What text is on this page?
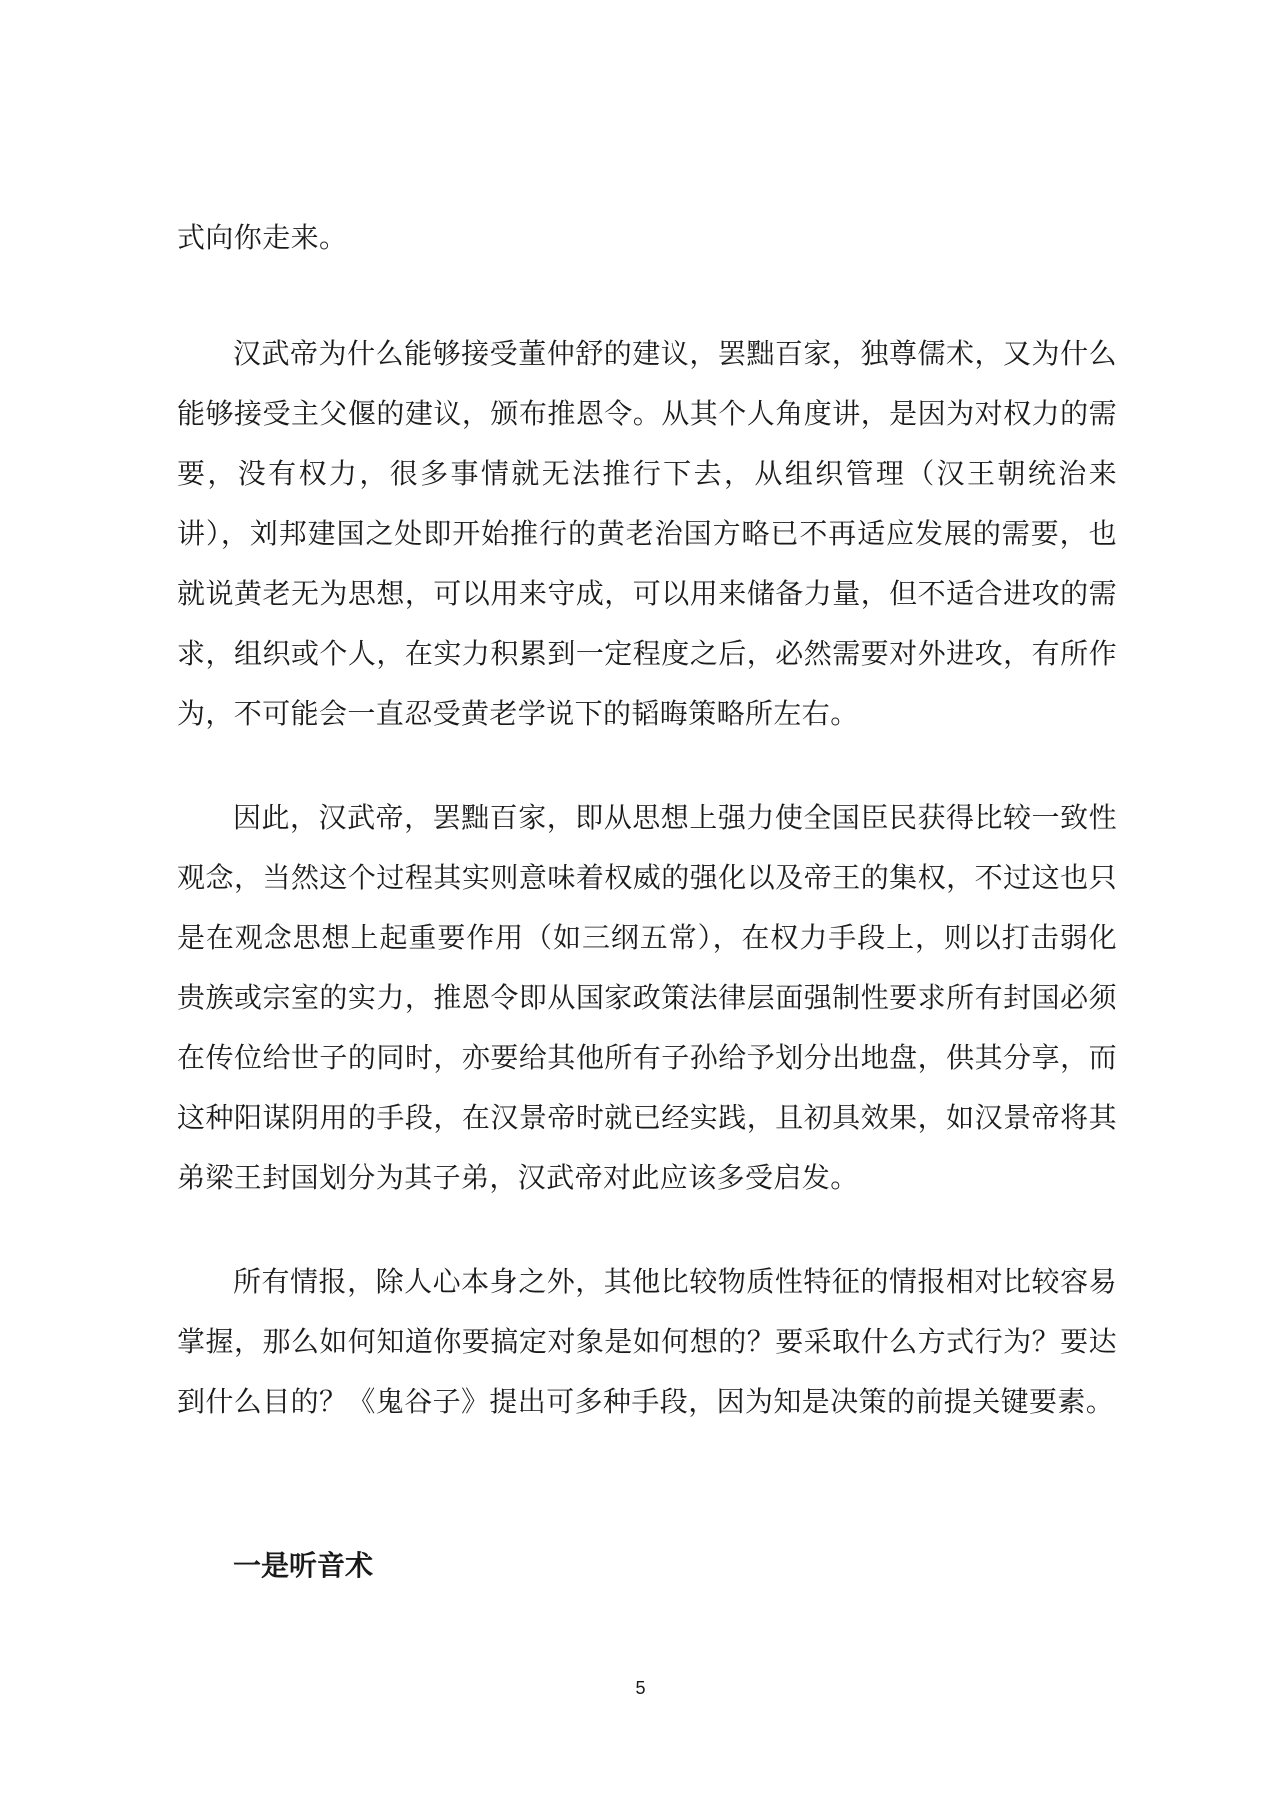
式向你走来。

汉武帝为什么能够接受董仲舒的建议，罢黜百家，独尊儒术，又为什么能够接受主父偃的建议，颁布推恩令。从其个人角度讲，是因为对权力的需要，没有权力，很多事情就无法推行下去，从组织管理（汉王朝统治来讲），刘邦建国之处即开始推行的黄老治国方略已不再适应发展的需要，也就说黄老无为思想，可以用来守成，可以用来储备力量，但不适合进攻的需求，组织或个人，在实力积累到一定程度之后，必然需要对外进攻，有所作为，不可能会一直忍受黄老学说下的韬晦策略所左右。

因此，汉武帝，罢黜百家，即从思想上强力使全国臣民获得比较一致性观念，当然这个过程其实则意味着权威的强化以及帝王的集权，不过这也只是在观念思想上起重要作用（如三纲五常），在权力手段上，则以打击弱化贵族或宗室的实力，推恩令即从国家政策法律层面强制性要求所有封国必须在传位给世子的同时，亦要给其他所有子孙给予划分出地盘，供其分享，而这种阳谋阴用的手段，在汉景帝时就已经实践，且初具效果，如汉景帝将其弟梁王封国划分为其子弟，汉武帝对此应该多受启发。

所有情报，除人心本身之外，其他比较物质性特征的情报相对比较容易掌握，那么如何知道你要搞定对象是如何想的？要采取什么方式行为？要达到什么目的？《鬼谷子》提出可多种手段，因为知是决策的前提关键要素。

一是听音术

5
